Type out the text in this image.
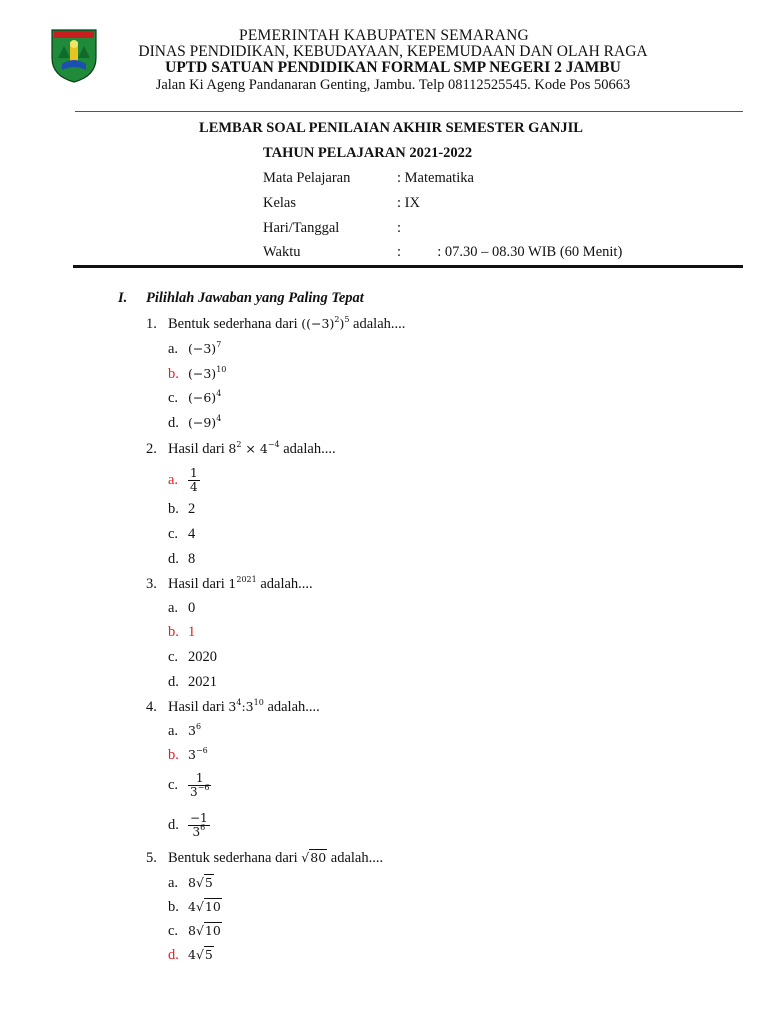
PEMERINTAH KABUPATEN SEMARANG
DINAS PENDIDIKAN, KEBUDAYAAN, KEPEMUDAAN DAN OLAH RAGA
UPTD SATUAN PENDIDIKAN FORMAL SMP NEGERI 2 JAMBU
Jalan Ki Ageng Pandanaran Genting, Jambu. Telp 08112525545. Kode Pos 50663
LEMBAR SOAL PENILAIAN AKHIR SEMESTER GANJIL
TAHUN PELAJARAN 2021-2022
Mata Pelajaran	: Matematika
Kelas	: IX
Hari/Tanggal	:
Waktu	:          : 07.30 – 08.30 WIB (60 Menit)
I. Pilihlah Jawaban yang Paling Tepat
1. Bentuk sederhana dari $((-3)^2)^5$ adalah....
a. $(-3)^7$
b. $(-3)^{10}$
c. $(-6)^4$
d. $(-9)^4$
2. Hasil dari $8^2 \times 4^{-4}$ adalah....
a. $\frac{1}{4}$
b. 2
c. 4
d. 8
3. Hasil dari $1^{2021}$ adalah....
a. 0
b. 1
c. 2020
d. 2021
4. Hasil dari $3^4:3^{10}$ adalah....
a. $3^6$
b. $3^{-6}$
c. $\frac{1}{3^{-6}}$
d. $\frac{-1}{3^6}$
5. Bentuk sederhana dari √80 adalah....
a. 8√5
b. 4√10
c. 8√10
d. 4√5
